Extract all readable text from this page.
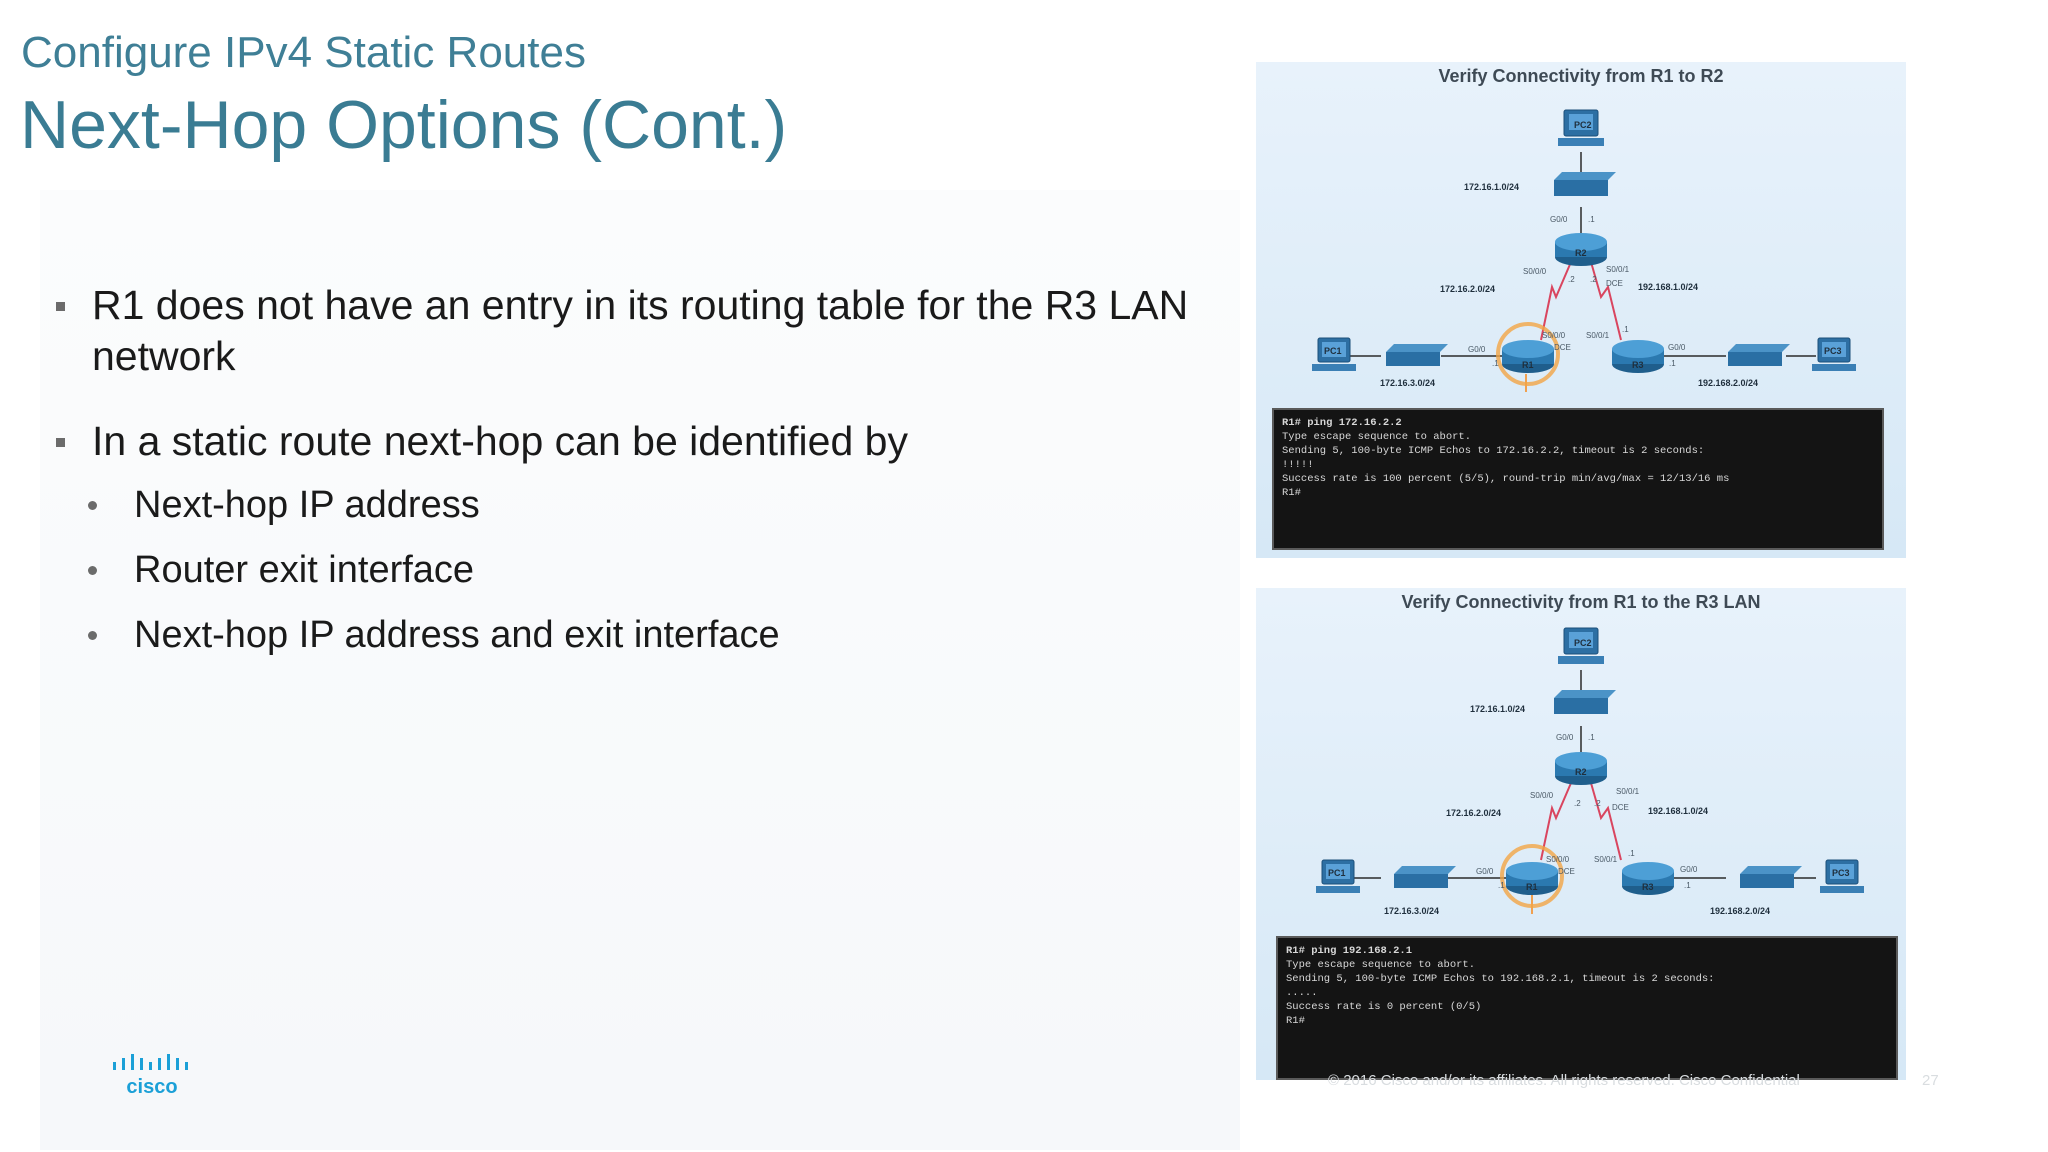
Configure IPv4 Static Routes
Next-Hop Options (Cont.)
R1 does not have an entry in its routing table for the R3 LAN network
In a static route next-hop can be identified by
Next-hop IP address
Router exit interface
Next-hop IP address and exit interface
Verify Connectivity from R1 to R2
PC2
R2
172.16.1.0/24
G0/0	.1
S0/0/0	S0/0/1
.2 .2 DCE
172.16.2.0/24	192.168.1.0/24
PC1
R1
G0/0
.1
S0/0/0
DCE
S0/0/1
.1
R3
G0/0
.1
PC3
172.16.3.0/24	192.168.2.0/24
R1# ping 172.16.2.2
Type escape sequence to abort.
Sending 5, 100-byte ICMP Echos to 172.16.2.2, timeout is 2 seconds:
!!!!!
Success rate is 100 percent (5/5), round-trip min/avg/max = 12/13/16 ms
R1#
Verify Connectivity from R1 to the R3 LAN
PC2
R2
172.16.1.0/24
G0/0 .1
S0/0/0	S0/0/1
.2 .2 DCE
172.16.2.0/24	192.168.1.0/24
PC1
R1
G0/0
.1
S0/0/0
DCE
S0/0/1
.1
R3
G0/0
.1
PC3
172.16.3.0/24	192.168.2.0/24
R1# ping 192.168.2.1
Type escape sequence to abort.
Sending 5, 100-byte ICMP Echos to 192.168.2.1, timeout is 2 seconds:
.....
Success rate is 0 percent (0/5)
R1#
cisco	© 2016 Cisco and/or its affiliates. All rights reserved. Cisco Confidential	27
